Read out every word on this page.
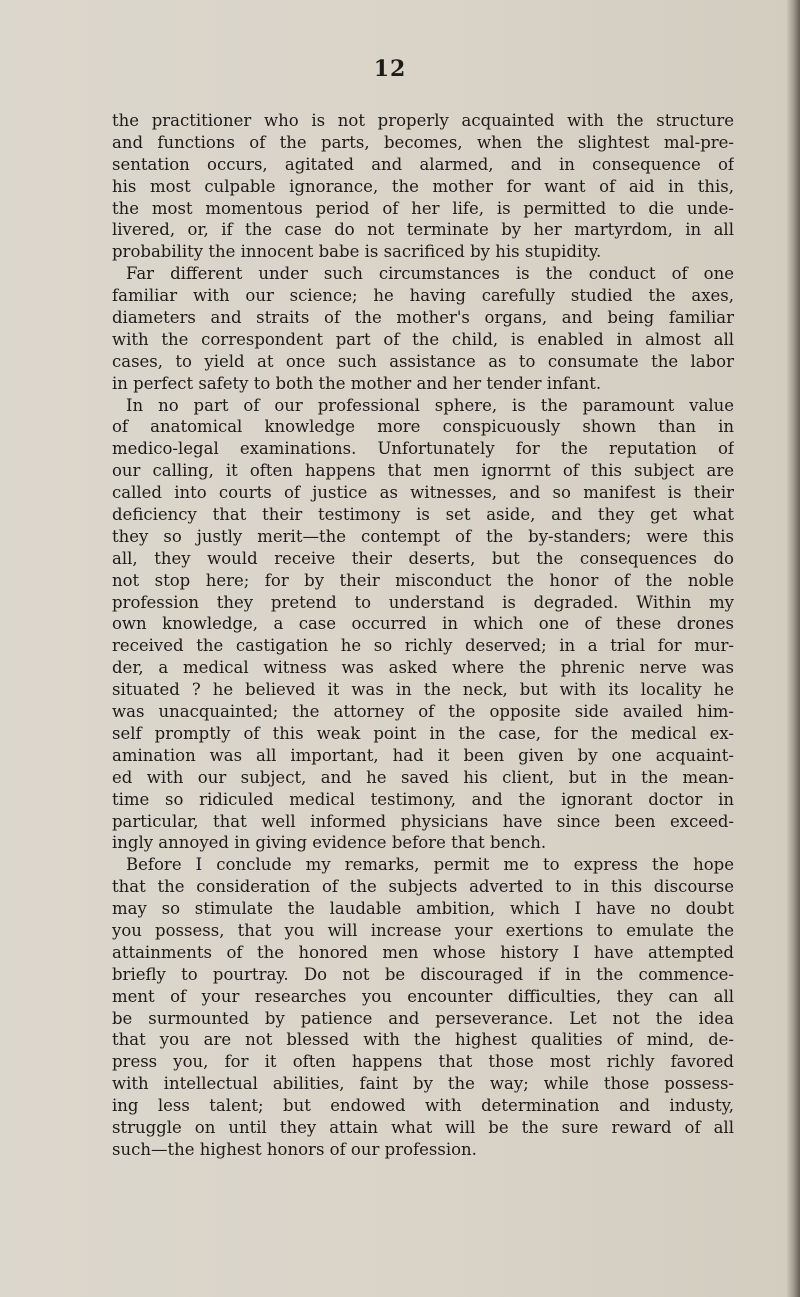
12
the practitioner who is not properly acquainted with the structure
and functions of the parts, becomes, when the slightest mal-pre-
sentation occurs, agitated and alarmed, and in consequence of
his most culpable ignorance, the mother for want of aid in this,
the most momentous period of her life, is permitted to die unde-
livered, or, if the case do not terminate by her martyrdom, in all
probability the innocent babe is sacrificed by his stupidity.
Far different under such circumstances is the conduct of one
familiar with our science; he having carefully studied the axes,
diameters and straits of the mother's organs, and being familiar
with the correspondent part of the child, is enabled in almost all
cases, to yield at once such assistance as to consumate the labor
in perfect safety to both the mother and her tender infant.
In no part of our professional sphere, is the paramount value
of anatomical knowledge more conspicuously shown than in
medico-legal examinations. Unfortunately for the reputation of
our calling, it often happens that men ignorrnt of this subject are
called into courts of justice as witnesses, and so manifest is their
deficiency that their testimony is set aside, and they get what
they so justly merit—the contempt of the by-standers; were this
all, they would receive their deserts, but the consequences do
not stop here; for by their misconduct the honor of the noble
profession they pretend to understand is degraded. Within my
own knowledge, a case occurred in which one of these drones
received the castigation he so richly deserved; in a trial for mur-
der, a medical witness was asked where the phrenic nerve was
situated ? he believed it was in the neck, but with its locality he
was unacquainted; the attorney of the opposite side availed him-
self promptly of this weak point in the case, for the medical ex-
amination was all important, had it been given by one acquaint-
ed with our subject, and he saved his client, but in the mean-
time so ridiculed medical testimony, and the ignorant doctor in
particular, that well informed physicians have since been exceed-
ingly annoyed in giving evidence before that bench.
Before I conclude my remarks, permit me to express the hope
that the consideration of the subjects adverted to in this discourse
may so stimulate the laudable ambition, which I have no doubt
you possess, that you will increase your exertions to emulate the
attainments of the honored men whose history I have attempted
briefly to pourtray. Do not be discouraged if in the commence-
ment of your researches you encounter difficulties, they can all
be surmounted by patience and perseverance. Let not the idea
that you are not blessed with the highest qualities of mind, de-
press you, for it often happens that those most richly favored
with intellectual abilities, faint by the way; while those possess-
ing less talent; but endowed with determination and industy,
struggle on until they attain what will be the sure reward of all
such—the highest honors of our profession.
